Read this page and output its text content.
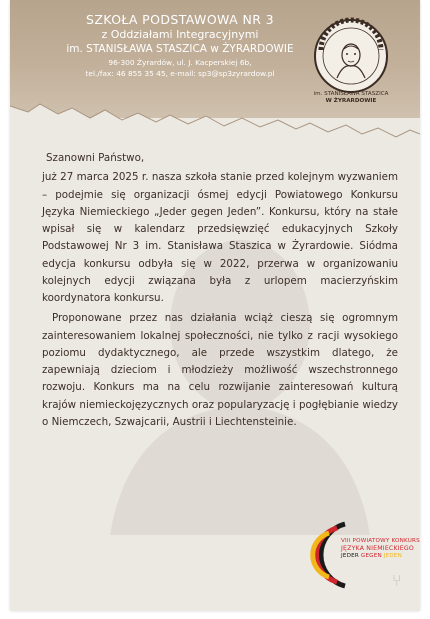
SZKOŁA PODSTAWOWA NR 3
z Oddziałami Integracyjnymi
im. STANISŁAWA STASZICA w ŻYRARDOWIE
96-300 Żyrardów, ul. J. Kacperskiej 6b,
tel./fax: 46 855 35 45, e-mail: sp3@sp3zyrardow.pl
im. STANISŁAWA STASZICA
W ŻYRARDOWIE

Szanowni Państwo,

już 27 marca 2025 r. nasza szkoła stanie przed kolejnym wyzwaniem – podejmie się organizacji ósmej edycji Powiatowego Konkursu Języka Niemieckiego „Jeder gegen Jeden”. Konkursu, który na stałe wpisał się w kalendarz przedsięwzięć edukacyjnych Szkoły Podstawowej Nr 3 im. Stanisława Staszica w Żyrardowie. Siódma edycja konkursu odbyła się w 2022, przerwa w organizowaniu kolejnych edycji związana była z urlopem macierzyńskim koordynatora konkursu.

Proponowane przez nas działania wciąż cieszą się ogromnym zainteresowaniem lokalnej społeczności, nie tylko z racji wysokiego poziomu dydaktycznego, ale przede wszystkim dlatego, że zapewniają dzieciom i młodzieży możliwość wszechstronnego rozwoju. Konkurs ma na celu rozwijanie zainteresowań kulturą krajów niemieckojęzycznych oraz popularyzację i pogłębianie wiedzy o Niemczech, Szwajcarii, Austrii i Liechtensteinie.

VIII POWIATOWY KONKURS
JĘZYKA NIEMIECKIEGO
JEDER GEGEN JEDEN
⑂
